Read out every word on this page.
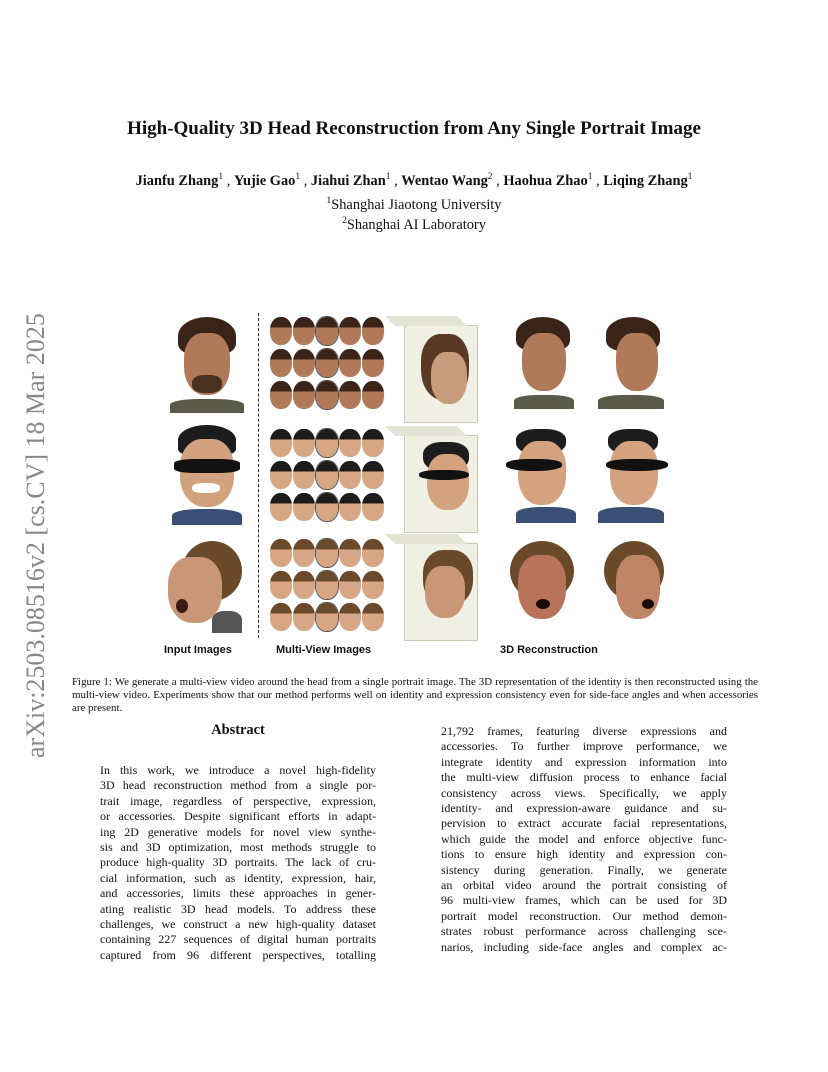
arXiv:2503.08516v2 [cs.CV] 18 Mar 2025
High-Quality 3D Head Reconstruction from Any Single Portrait Image
Jianfu Zhang$^1$ , Yujie Gao$^1$ , Jiahui Zhan$^1$ , Wentao Wang$^2$ , Haohua Zhao$^1$ , Liqing Zhang$^1$
$^1$Shanghai Jiaotong University
$^2$Shanghai AI Laboratory
Input Images	Multi-View Images	3D Reconstruction
Figure 1: We generate a multi-view video around the head from a single portrait image. The 3D representation of the identity is then reconstructed using the multi-view video. Experiments show that our method performs well on identity and expression consistency even for side-face angles and when accessories are present.
Abstract
In this work, we introduce a novel high-fidelity
3D head reconstruction method from a single por-
trait image, regardless of perspective, expression,
or accessories. Despite significant efforts in adapt-
ing 2D generative models for novel view synthe-
sis and 3D optimization, most methods struggle to
produce high-quality 3D portraits. The lack of cru-
cial information, such as identity, expression, hair,
and accessories, limits these approaches in gener-
ating realistic 3D head models. To address these
challenges, we construct a new high-quality dataset
containing 227 sequences of digital human portraits
captured from 96 different perspectives, totalling
21,792 frames, featuring diverse expressions and
accessories. To further improve performance, we
integrate identity and expression information into
the multi-view diffusion process to enhance facial
consistency across views. Specifically, we apply
identity- and expression-aware guidance and su-
pervision to extract accurate facial representations,
which guide the model and enforce objective func-
tions to ensure high identity and expression con-
sistency during generation. Finally, we generate
an orbital video around the portrait consisting of
96 multi-view frames, which can be used for 3D
portrait model reconstruction. Our method demon-
strates robust performance across challenging sce-
narios, including side-face angles and complex ac-
